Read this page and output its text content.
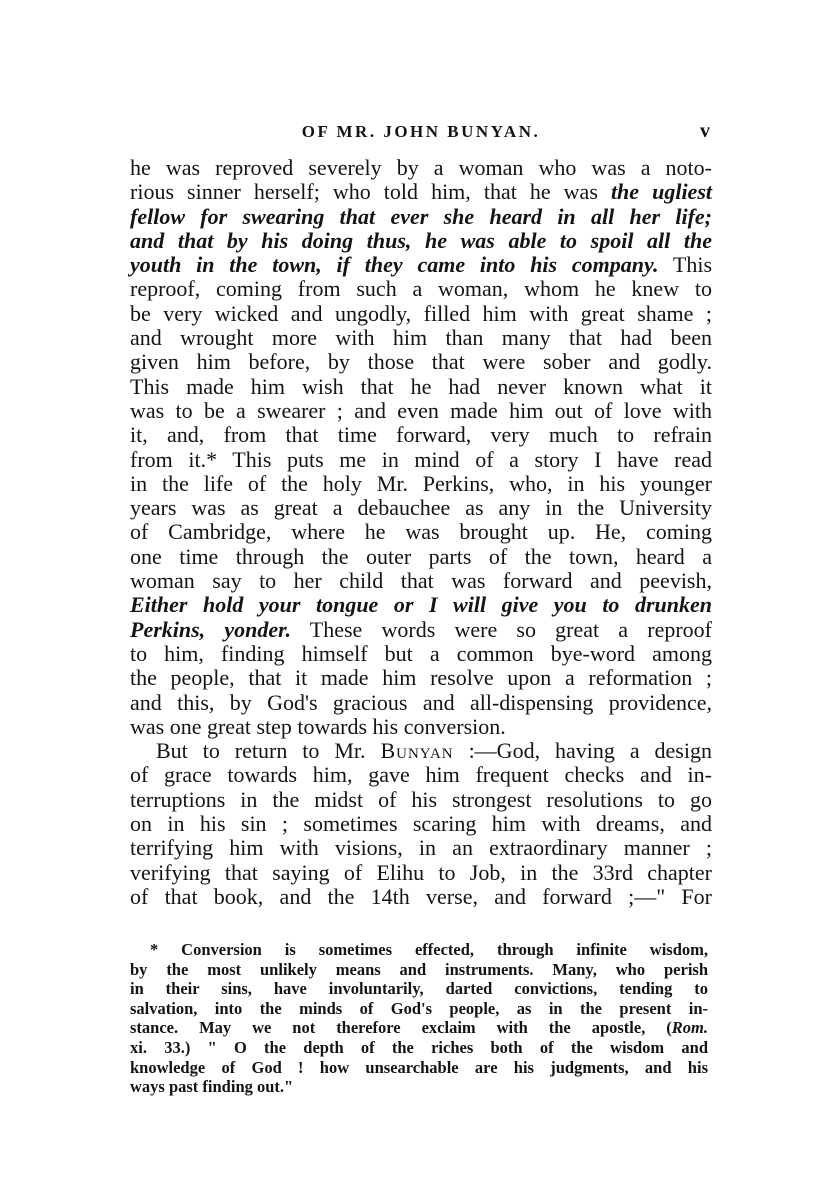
OF MR. JOHN BUNYAN.	v
he was reproved severely by a woman who was a noto-
rious sinner herself; who told him, that he was the ugliest
fellow for swearing that ever she heard in all her life;
and that by his doing thus, he was able to spoil all the
youth in the town, if they came into his company. This
reproof, coming from such a woman, whom he knew to
be very wicked and ungodly, filled him with great shame ;
and wrought more with him than many that had been
given him before, by those that were sober and godly.
This made him wish that he had never known what it
was to be a swearer ; and even made him out of love with
it, and, from that time forward, very much to refrain
from it.* This puts me in mind of a story I have read
in the life of the holy Mr. Perkins, who, in his younger
years was as great a debauchee as any in the University
of Cambridge, where he was brought up. He, coming
one time through the outer parts of the town, heard a
woman say to her child that was forward and peevish,
Either hold your tongue or I will give you to drunken
Perkins, yonder. These words were so great a reproof
to him, finding himself but a common bye-word among
the people, that it made him resolve upon a reformation ;
and this, by God's gracious and all-dispensing providence,
was one great step towards his conversion.
But to return to Mr. Bunyan :—God, having a design
of grace towards him, gave him frequent checks and in-
terruptions in the midst of his strongest resolutions to go
on in his sin ; sometimes scaring him with dreams, and
terrifying him with visions, in an extraordinary manner ;
verifying that saying of Elihu to Job, in the 33rd chapter
of that book, and the 14th verse, and forward ;—" For
* Conversion is sometimes effected, through infinite wisdom,
by the most unlikely means and instruments. Many, who perish
in their sins, have involuntarily, darted convictions, tending to
salvation, into the minds of God's people, as in the present in-
stance. May we not therefore exclaim with the apostle, (Rom.
xi. 33.) " O the depth of the riches both of the wisdom and
knowledge of God ! how unsearchable are his judgments, and his
ways past finding out."
